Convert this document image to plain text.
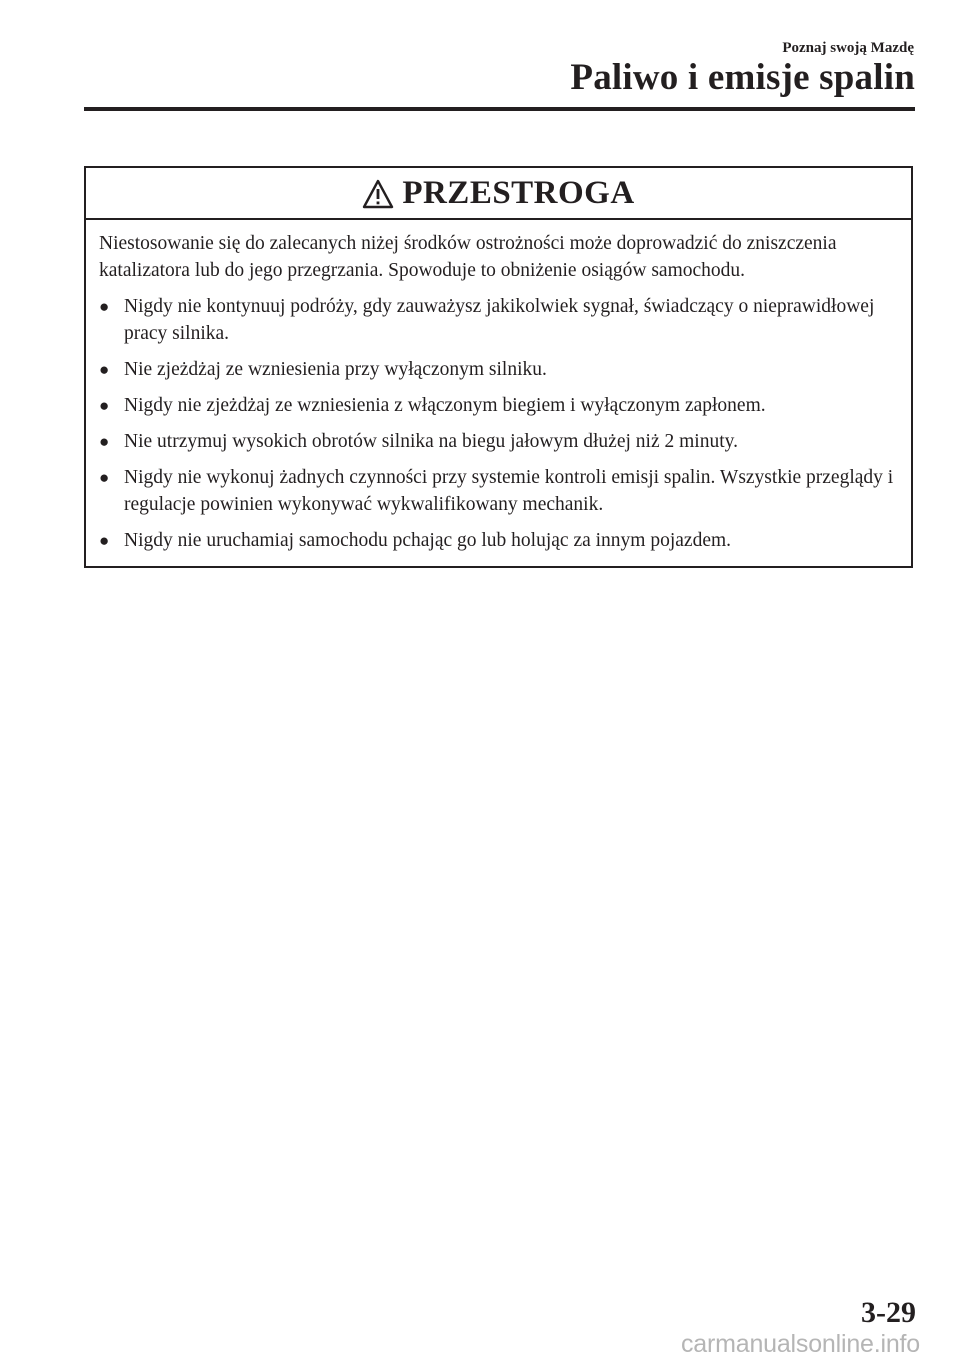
Poznaj swoją Mazdę
Paliwo i emisje spalin
PRZESTROGA

Niestosowanie się do zalecanych niżej środków ostrożności może doprowadzić do zniszczenia katalizatora lub do jego przegrzania. Spowoduje to obniżenie osiągów samochodu.

● Nigdy nie kontynuuj podróży, gdy zauważysz jakikolwiek sygnał, świadczący o nieprawidłowej pracy silnika.
● Nie zjeżdżaj ze wzniesienia przy wyłączonym silniku.
● Nigdy nie zjeżdżaj ze wzniesienia z włączonym biegiem i wyłączonym zapłonem.
● Nie utrzymuj wysokich obrotów silnika na biegu jałowym dłużej niż 2 minuty.
● Nigdy nie wykonuj żadnych czynności przy systemie kontroli emisji spalin. Wszystkie przeglądy i regulacje powinien wykonywać wykwalifikowany mechanik.
● Nigdy nie uruchamiaj samochodu pchając go lub holując za innym pojazdem.
3-29
carmanualsonline.info
